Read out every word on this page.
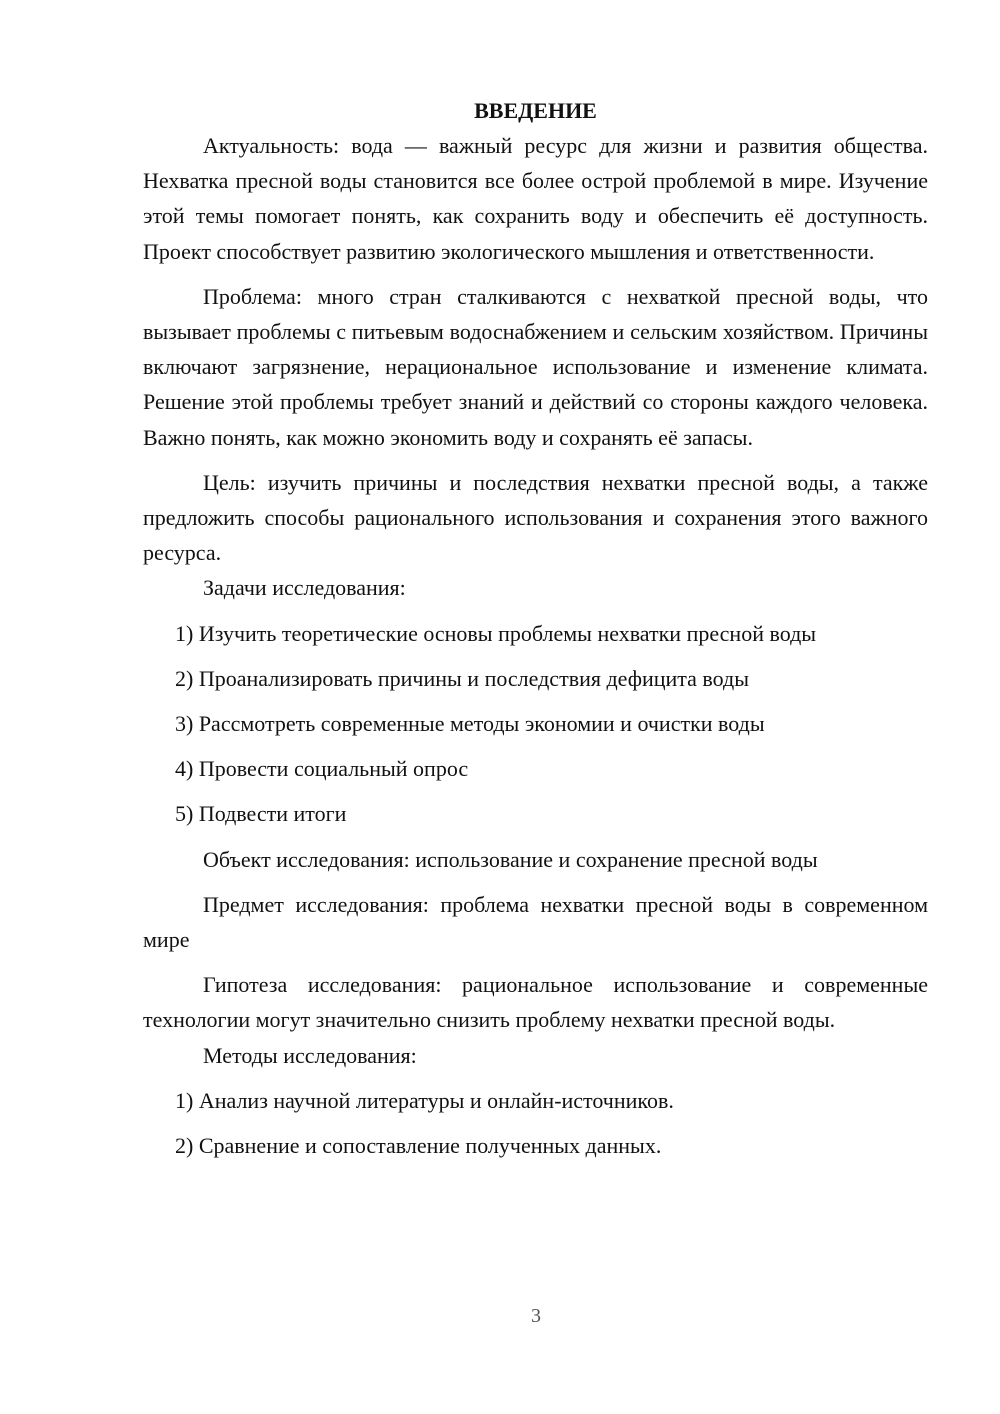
ВВЕДЕНИЕ

Актуальность: вода — важный ресурс для жизни и развития общества. Нехватка пресной воды становится все более острой проблемой в мире. Изучение этой темы помогает понять, как сохранить воду и обеспечить её доступность. Проект способствует развитию экологического мышления и ответственности.

Проблема: много стран сталкиваются с нехваткой пресной воды, что вызывает проблемы с питьевым водоснабжением и сельским хозяйством. Причины включают загрязнение, нерациональное использование и изменение климата. Решение этой проблемы требует знаний и действий со стороны каждого человека. Важно понять, как можно экономить воду и сохранять её запасы.

Цель: изучить причины и последствия нехватки пресной воды, а также предложить способы рационального использования и сохранения этого важного ресурса.

Задачи исследования:

1) Изучить теоретические основы проблемы нехватки пресной воды

2) Проанализировать причины и последствия дефицита воды

3) Рассмотреть современные методы экономии и очистки воды

4) Провести социальный опрос

5) Подвести итоги

Объект исследования: использование и сохранение пресной воды

Предмет исследования: проблема нехватки пресной воды в современном мире

Гипотеза исследования: рациональное использование и современные технологии могут значительно снизить проблему нехватки пресной воды.

Методы исследования:

1) Анализ научной литературы и онлайн-источников.

2) Сравнение и сопоставление полученных данных.

3
